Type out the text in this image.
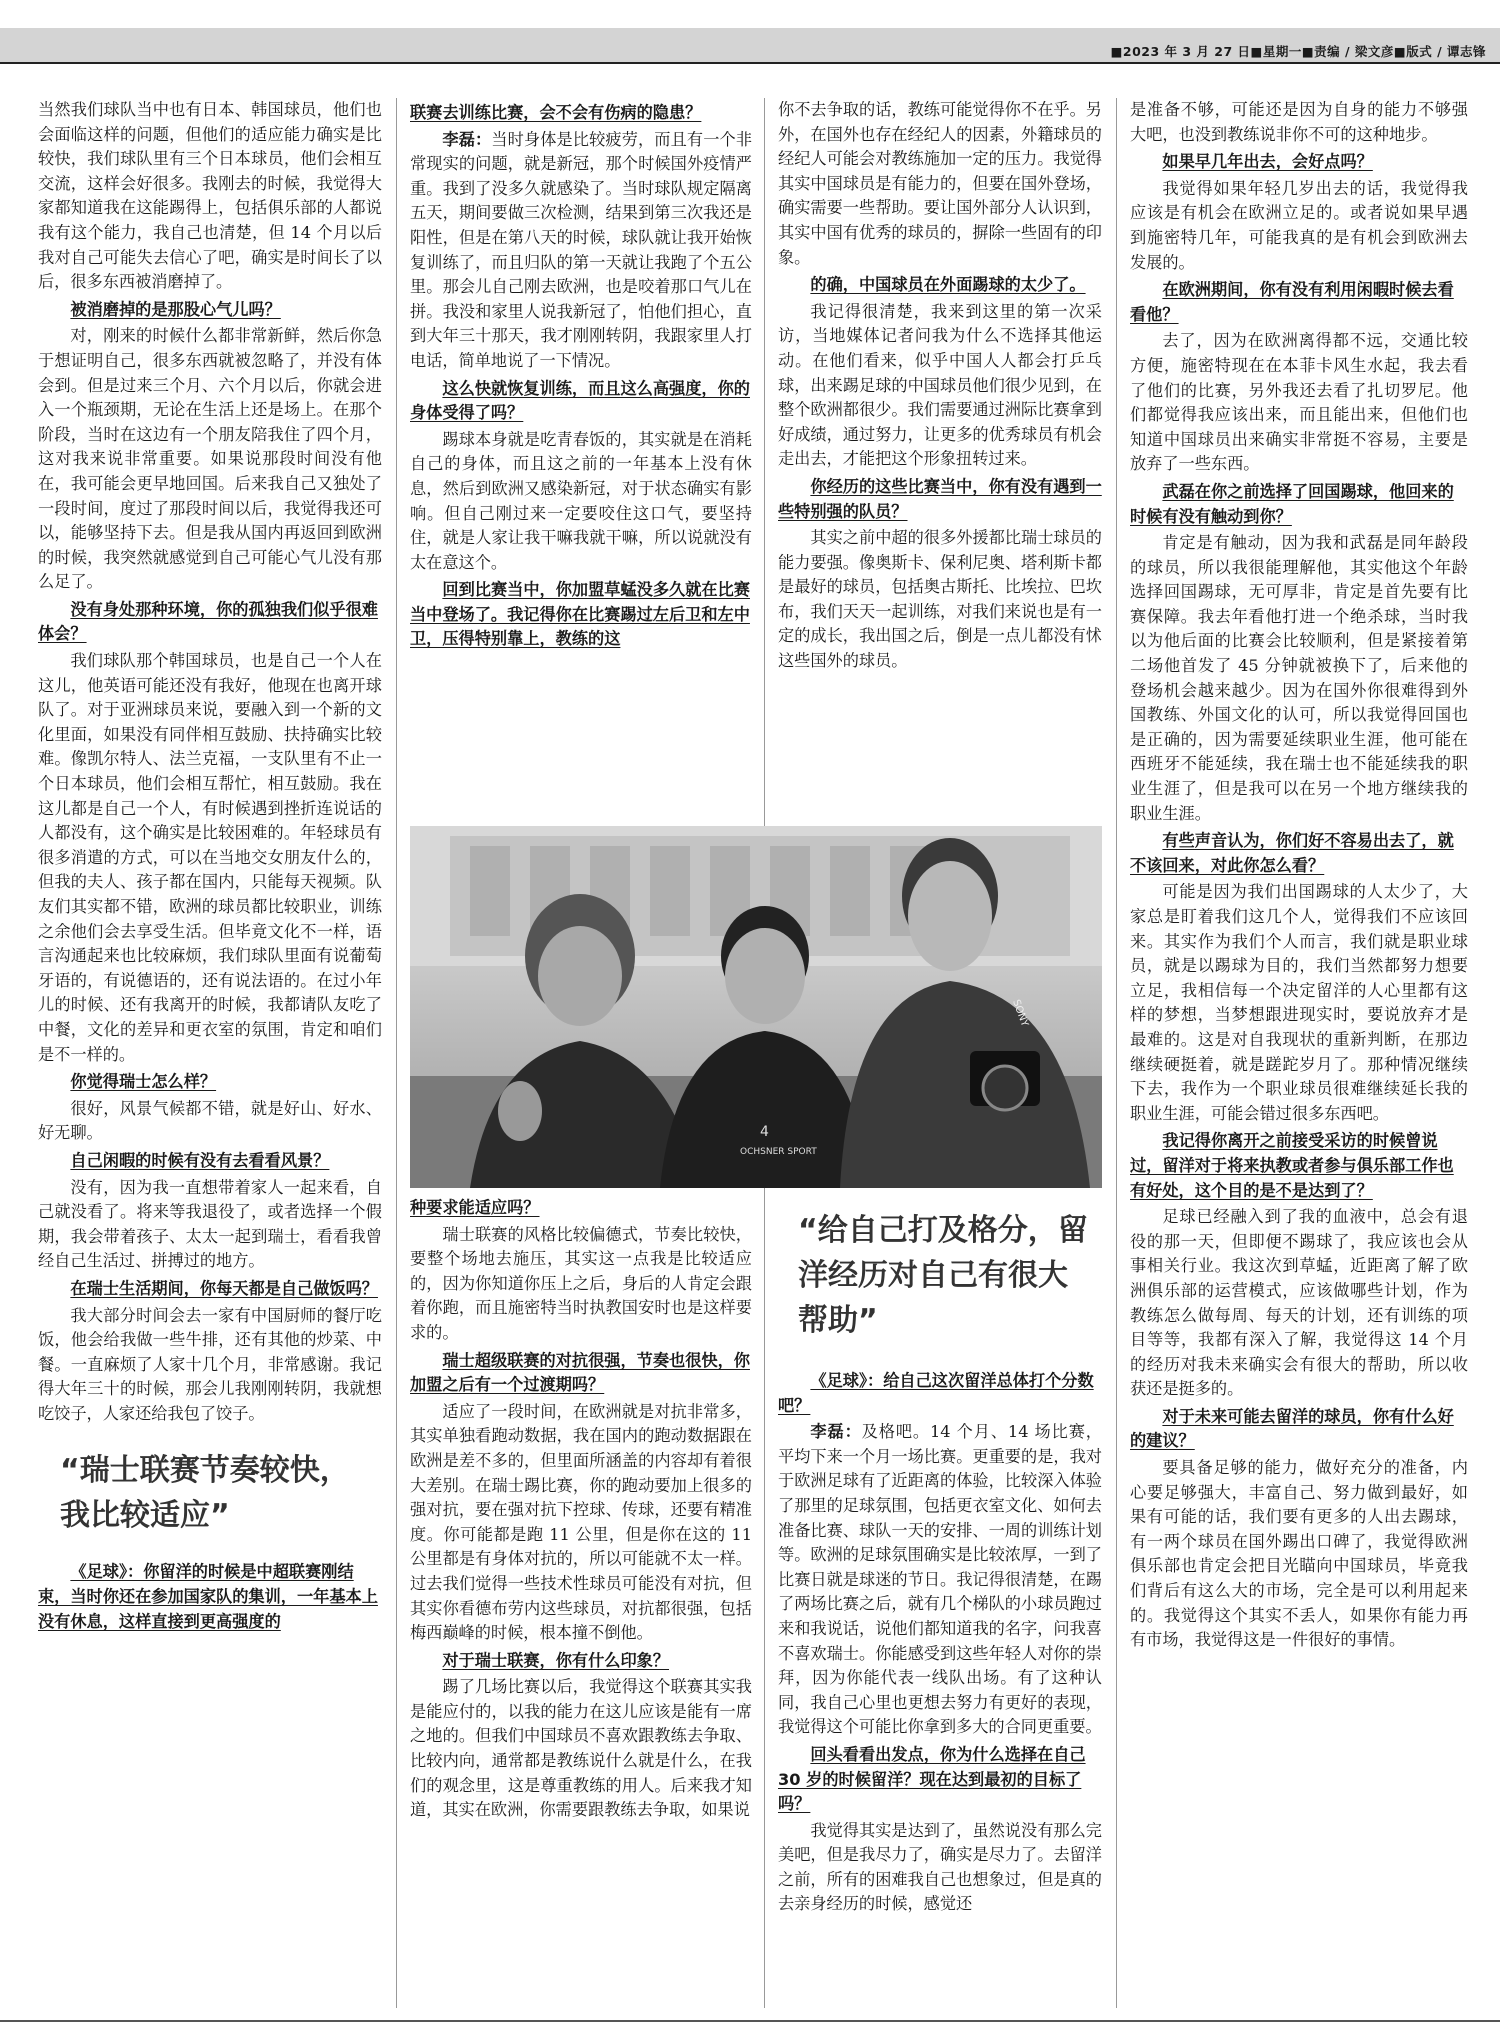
■2023 年 3 月 27 日■星期一■责编 / 梁文彦■版式 / 谭志锋

当然我们球队当中也有日本、韩国球员，他们也会面临这样的问题，但他们的适应能力确实是比较快，我们球队里有三个日本球员，他们会相互交流，这样会好很多。我刚去的时候，我觉得大家都知道我在这能踢得上，包括俱乐部的人都说我有这个能力，我自己也清楚，但 14 个月以后我对自己可能失去信心了吧，确实是时间长了以后，很多东西被消磨掉了。

被消磨掉的是那股心气儿吗？

对，刚来的时候什么都非常新鲜，然后你急于想证明自己，很多东西就被忽略了，并没有体会到。但是过来三个月、六个月以后，你就会进入一个瓶颈期，无论在生活上还是场上。在那个阶段，当时在这边有一个朋友陪我住了四个月，这对我来说非常重要。如果说那段时间没有他在，我可能会更早地回国。后来我自己又独处了一段时间，度过了那段时间以后，我觉得我还可以，能够坚持下去。但是我从国内再返回到欧洲的时候，我突然就感觉到自己可能心气儿没有那么足了。

没有身处那种环境，你的孤独我们似乎很难体会？

我们球队那个韩国球员，也是自己一个人在这儿，他英语可能还没有我好，他现在也离开球队了。对于亚洲球员来说，要融入到一个新的文化里面，如果没有同伴相互鼓励、扶持确实比较难。像凯尔特人、法兰克福，一支队里有不止一个日本球员，他们会相互帮忙，相互鼓励。我在这儿都是自己一个人，有时候遇到挫折连说话的人都没有，这个确实是比较困难的。年轻球员有很多消遣的方式，可以在当地交女朋友什么的，但我的夫人、孩子都在国内，只能每天视频。队友们其实都不错，欧洲的球员都比较职业，训练之余他们会去享受生活。但毕竟文化不一样，语言沟通起来也比较麻烦，我们球队里面有说葡萄牙语的，有说德语的，还有说法语的。在过小年儿的时候、还有我离开的时候，我都请队友吃了中餐，文化的差异和更衣室的氛围，肯定和咱们是不一样的。

你觉得瑞士怎么样？

很好，风景气候都不错，就是好山、好水、好无聊。

自己闲暇的时候有没有去看看风景？

没有，因为我一直想带着家人一起来看，自己就没看了。将来等我退役了，或者选择一个假期，我会带着孩子、太太一起到瑞士，看看我曾经自己生活过、拼搏过的地方。

在瑞士生活期间，你每天都是自己做饭吗？

我大部分时间会去一家有中国厨师的餐厅吃饭，他会给我做一些牛排，还有其他的炒菜、中餐。一直麻烦了人家十几个月，非常感谢。我记得大年三十的时候，那会儿我刚刚转阴，我就想吃饺子，人家还给我包了饺子。

“瑞士联赛节奏较快，我比较适应”
《足球》：你留洋的时候是中超联赛刚结束，当时你还在参加国家队的集训，一年基本上没有休息，这样直接到更高强度的
联赛去训练比赛，会不会有伤病的隐患？

李磊：当时身体是比较疲劳，而且有一个非常现实的问题，就是新冠，那个时候国外疫情严重。我到了没多久就感染了。当时球队规定隔离五天，期间要做三次检测，结果到第三次我还是阳性，但是在第八天的时候，球队就让我开始恢复训练了，而且归队的第一天就让我跑了个五公里。那会儿自己刚去欧洲，也是咬着那口气儿在拼。我没和家里人说我新冠了，怕他们担心，直到大年三十那天，我才刚刚转阴，我跟家里人打电话，简单地说了一下情况。

这么快就恢复训练，而且这么高强度，你的身体受得了吗？

踢球本身就是吃青春饭的，其实就是在消耗自己的身体，而且这之前的一年基本上没有休息，然后到欧洲又感染新冠，对于状态确实有影响。但自己刚过来一定要咬住这口气，要坚持住，就是人家让我干嘛我就干嘛，所以说就没有太在意这个。

回到比赛当中，你加盟草蜢没多久就在比赛当中登场了。我记得你在比赛踢过左后卫和左中卫，压得特别靠上，教练的这

你不去争取的话，教练可能觉得你不在乎。另外，在国外也存在经纪人的因素，外籍球员的经纪人可能会对教练施加一定的压力。我觉得其实中国球员是有能力的，但要在国外登场，确实需要一些帮助。要让国外部分人认识到，其实中国有优秀的球员的，摒除一些固有的印象。

的确，中国球员在外面踢球的太少了。

我记得很清楚，我来到这里的第一次采访，当地媒体记者问我为什么不选择其他运动。在他们看来，似乎中国人人都会打乒乓球，出来踢足球的中国球员他们很少见到，在整个欧洲都很少。我们需要通过洲际比赛拿到好成绩，通过努力，让更多的优秀球员有机会走出去，才能把这个形象扭转过来。

你经历的这些比赛当中，你有没有遇到一些特别强的队员？

其实之前中超的很多外援都比瑞士球员的能力要强。像奥斯卡、保利尼奥、塔利斯卡都是最好的球员，包括奥古斯托、比埃拉、巴坎布，我们天天一起训练，对我们来说也是有一定的成长，我出国之后，倒是一点儿都没有怵这些国外的球员。

4
OCHSNER SPORT
SONY
种要求能适应吗？

瑞士联赛的风格比较偏德式，节奏比较快，要整个场地去施压，其实这一点我是比较适应的，因为你知道你压上之后，身后的人肯定会跟着你跑，而且施密特当时执教国安时也是这样要求的。

瑞士超级联赛的对抗很强，节奏也很快，你加盟之后有一个过渡期吗？

适应了一段时间，在欧洲就是对抗非常多，其实单独看跑动数据，我在国内的跑动数据跟在欧洲是差不多的，但里面所涵盖的内容却有着很大差别。在瑞士踢比赛，你的跑动要加上很多的强对抗，要在强对抗下控球、传球，还要有精准度。你可能都是跑 11 公里，但是你在这的 11 公里都是有身体对抗的，所以可能就不太一样。过去我们觉得一些技术性球员可能没有对抗，但其实你看德布劳内这些球员，对抗都很强，包括梅西巅峰的时候，根本撞不倒他。

对于瑞士联赛，你有什么印象？

踢了几场比赛以后，我觉得这个联赛其实我是能应付的，以我的能力在这儿应该是能有一席之地的。但我们中国球员不喜欢跟教练去争取、比较内向，通常都是教练说什么就是什么，在我们的观念里，这是尊重教练的用人。后来我才知道，其实在欧洲，你需要跟教练去争取，如果说

“给自己打及格分，留洋经历对自己有很大帮助”
《足球》：给自己这次留洋总体打个分数吧？

李磊：及格吧。14 个月、14 场比赛，平均下来一个月一场比赛。更重要的是，我对于欧洲足球有了近距离的体验，比较深入体验了那里的足球氛围，包括更衣室文化、如何去准备比赛、球队一天的安排、一周的训练计划等。欧洲的足球氛围确实是比较浓厚，一到了比赛日就是球迷的节日。我记得很清楚，在踢了两场比赛之后，就有几个梯队的小球员跑过来和我说话，说他们都知道我的名字，问我喜不喜欢瑞士。你能感受到这些年轻人对你的崇拜，因为你能代表一线队出场。有了这种认同，我自己心里也更想去努力有更好的表现，我觉得这个可能比你拿到多大的合同更重要。

回头看看出发点，你为什么选择在自己 30 岁的时候留洋？现在达到最初的目标了吗？

我觉得其实是达到了，虽然说没有那么完美吧，但是我尽力了，确实是尽力了。去留洋之前，所有的困难我自己也想象过，但是真的去亲身经历的时候，感觉还

是准备不够，可能还是因为自身的能力不够强大吧，也没到教练说非你不可的这种地步。

如果早几年出去，会好点吗？

我觉得如果年轻几岁出去的话，我觉得我应该是有机会在欧洲立足的。或者说如果早遇到施密特几年，可能我真的是有机会到欧洲去发展的。

在欧洲期间，你有没有利用闲暇时候去看看他？

去了，因为在欧洲离得都不远，交通比较方便，施密特现在在本菲卡风生水起，我去看了他们的比赛，另外我还去看了扎切罗尼。他们都觉得我应该出来，而且能出来，但他们也知道中国球员出来确实非常挺不容易，主要是放弃了一些东西。

武磊在你之前选择了回国踢球，他回来的时候有没有触动到你？

肯定是有触动，因为我和武磊是同年龄段的球员，所以我很能理解他，其实他这个年龄选择回国踢球，无可厚非，肯定是首先要有比赛保障。我去年看他打进一个绝杀球，当时我以为他后面的比赛会比较顺利，但是紧接着第二场他首发了 45 分钟就被换下了，后来他的登场机会越来越少。因为在国外你很难得到外国教练、外国文化的认可，所以我觉得回国也是正确的，因为需要延续职业生涯，他可能在西班牙不能延续，我在瑞士也不能延续我的职业生涯了，但是我可以在另一个地方继续我的职业生涯。

有些声音认为，你们好不容易出去了，就不该回来，对此你怎么看？

可能是因为我们出国踢球的人太少了，大家总是盯着我们这几个人，觉得我们不应该回来。其实作为我们个人而言，我们就是职业球员，就是以踢球为目的，我们当然都努力想要立足，我相信每一个决定留洋的人心里都有这样的梦想，当梦想跟进现实时，要说放弃才是最难的。这是对自我现状的重新判断，在那边继续硬挺着，就是蹉跎岁月了。那种情况继续下去，我作为一个职业球员很难继续延长我的职业生涯，可能会错过很多东西吧。

我记得你离开之前接受采访的时候曾说过，留洋对于将来执教或者参与俱乐部工作也有好处，这个目的是不是达到了？

足球已经融入到了我的血液中，总会有退役的那一天，但即便不踢球了，我应该也会从事相关行业。我这次到草蜢，近距离了解了欧洲俱乐部的运营模式，应该做哪些计划，作为教练怎么做每周、每天的计划，还有训练的项目等等，我都有深入了解，我觉得这 14 个月的经历对我未来确实会有很大的帮助，所以收获还是挺多的。

对于未来可能去留洋的球员，你有什么好的建议？

要具备足够的能力，做好充分的准备，内心要足够强大，丰富自己、努力做到最好，如果有可能的话，我们要有更多的人出去踢球，有一两个球员在国外踢出口碑了，我觉得欧洲俱乐部也肯定会把目光瞄向中国球员，毕竟我们背后有这么大的市场，完全是可以利用起来的。我觉得这个其实不丢人，如果你有能力再有市场，我觉得这是一件很好的事情。
